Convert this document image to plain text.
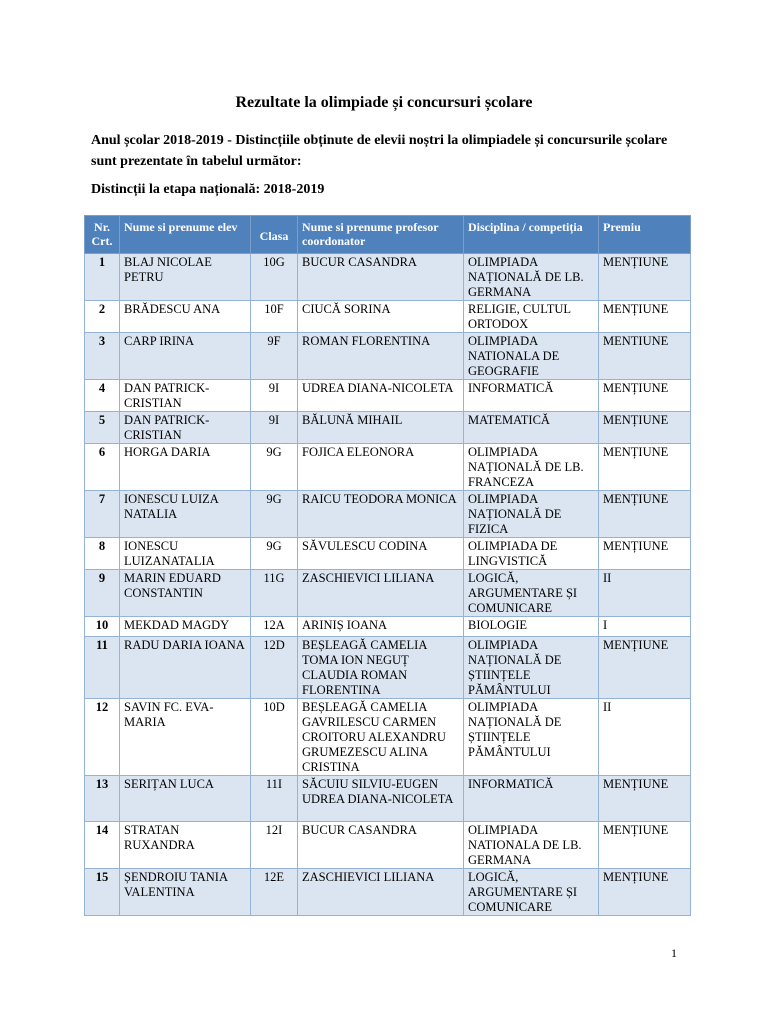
Rezultate la olimpiade și concursuri școlare
Anul școlar 2018-2019 - Distincțiile obținute de elevii noștri la olimpiadele și concursurile școlare sunt prezentate în tabelul următor:
Distincții la etapa națională: 2018-2019
Nr. Crt.	Nume si prenume elev	Clasa	Nume si prenume profesor coordonator	Disciplina / competiția	Premiu
1	BLAJ NICOLAE PETRU	10G	BUCUR CASANDRA	OLIMPIADA NAȚIONALĂ DE LB. GERMANA	MENȚIUNE
2	BRĂDESCU ANA	10F	CIUCĂ SORINA	RELIGIE, CULTUL ORTODOX	MENȚIUNE
3	CARP IRINA	9F	ROMAN FLORENTINA	OLIMPIADA NATIONALA DE GEOGRAFIE	MENTIUNE
4	DAN PATRICK-CRISTIAN	9I	UDREA DIANA-NICOLETA	INFORMATICĂ	MENȚIUNE
5	DAN PATRICK-CRISTIAN	9I	BĂLUNĂ MIHAIL	MATEMATICĂ	MENȚIUNE
6	HORGA DARIA	9G	FOJICA ELEONORA	OLIMPIADA NAȚIONALĂ DE LB. FRANCEZA	MENȚIUNE
7	IONESCU LUIZA NATALIA	9G	RAICU TEODORA MONICA	OLIMPIADA NAȚIONALĂ DE FIZICA	MENȚIUNE
8	IONESCU LUIZANATALIA	9G	SĂVULESCU CODINA	OLIMPIADA DE LINGVISTICĂ	MENȚIUNE
9	MARIN EDUARD CONSTANTIN	11G	ZASCHIEVICI LILIANA	LOGICĂ, ARGUMENTARE ȘI COMUNICARE	II
10	MEKDAD MAGDY	12A	ARINIȘ IOANA	BIOLOGIE	I
11	RADU DARIA IOANA	12D	BEȘLEAGĂ CAMELIA TOMA ION NEGUȚ CLAUDIA ROMAN FLORENTINA	OLIMPIADA NAȚIONALĂ DE ȘTIINȚELE PĂMÂNTULUI	MENȚIUNE
12	SAVIN FC. EVA-MARIA	10D	BEȘLEAGĂ CAMELIA GAVRILESCU CARMEN CROITORU ALEXANDRU GRUMEZESCU ALINA CRISTINA	OLIMPIADA NAȚIONALĂ DE ȘTIINȚELE PĂMÂNTULUI	II
13	SERIȚAN LUCA	11I	SĂCUIU SILVIU-EUGEN UDREA DIANA-NICOLETA	INFORMATICĂ	MENȚIUNE
14	STRATAN RUXANDRA	12I	BUCUR CASANDRA	OLIMPIADA NATIONALA DE LB. GERMANA	MENȚIUNE
15	ȘENDROIU TANIA VALENTINA	12E	ZASCHIEVICI LILIANA	LOGICĂ, ARGUMENTARE ȘI COMUNICARE	MENȚIUNE
1
